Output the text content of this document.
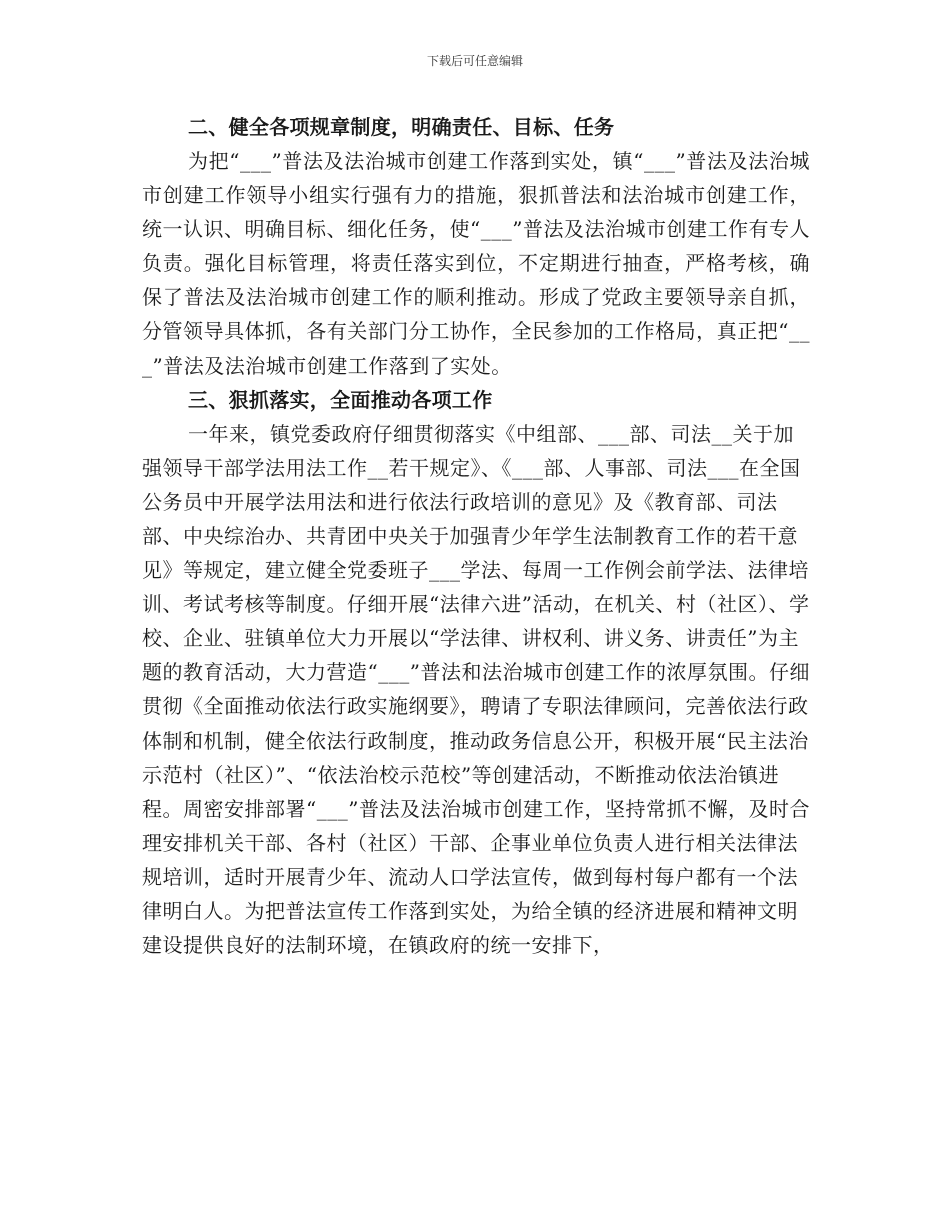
下载后可任意编辑
二、健全各项规章制度，明确责任、目标、任务

为把“___”普法及法治城市创建工作落到实处，镇“___”普法及法治城市创建工作领导小组实行强有力的措施，狠抓普法和法治城市创建工作，统一认识、明确目标、细化任务，使“___”普法及法治城市创建工作有专人负责。强化目标管理，将责任落实到位，不定期进行抽查，严格考核，确保了普法及法治城市创建工作的顺利推动。形成了党政主要领导亲自抓，分管领导具体抓，各有关部门分工协作，全民参加的工作格局，真正把“___”普法及法治城市创建工作落到了实处。

三、狠抓落实，全面推动各项工作

一年来，镇党委政府仔细贯彻落实《中组部、___部、司法__关于加强领导干部学法用法工作__若干规定》、《___部、人事部、司法___在全国公务员中开展学法用法和进行依法行政培训的意见》及《教育部、司法部、中央综治办、共青团中央关于加强青少年学生法制教育工作的若干意见》等规定，建立健全党委班子___学法、每周一工作例会前学法、法律培训、考试考核等制度。仔细开展“法律六进”活动，在机关、村（社区）、学校、企业、驻镇单位大力开展以“学法律、讲权利、讲义务、讲责任”为主题的教育活动，大力营造“___”普法和法治城市创建工作的浓厚氛围。仔细贯彻《全面推动依法行政实施纲要》，聘请了专职法律顾问，完善依法行政体制和机制，健全依法行政制度，推动政务信息公开，积极开展“民主法治示范村（社区）”、“依法治校示范校”等创建活动，不断推动依法治镇进程。周密安排部署“___”普法及法治城市创建工作，坚持常抓不懈，及时合理安排机关干部、各村（社区）干部、企事业单位负责人进行相关法律法规培训，适时开展青少年、流动人口学法宣传，做到每村每户都有一个法律明白人。为把普法宣传工作落到实处，为给全镇的经济进展和精神文明建设提供良好的法制环境，在镇政府的统一安排下，
